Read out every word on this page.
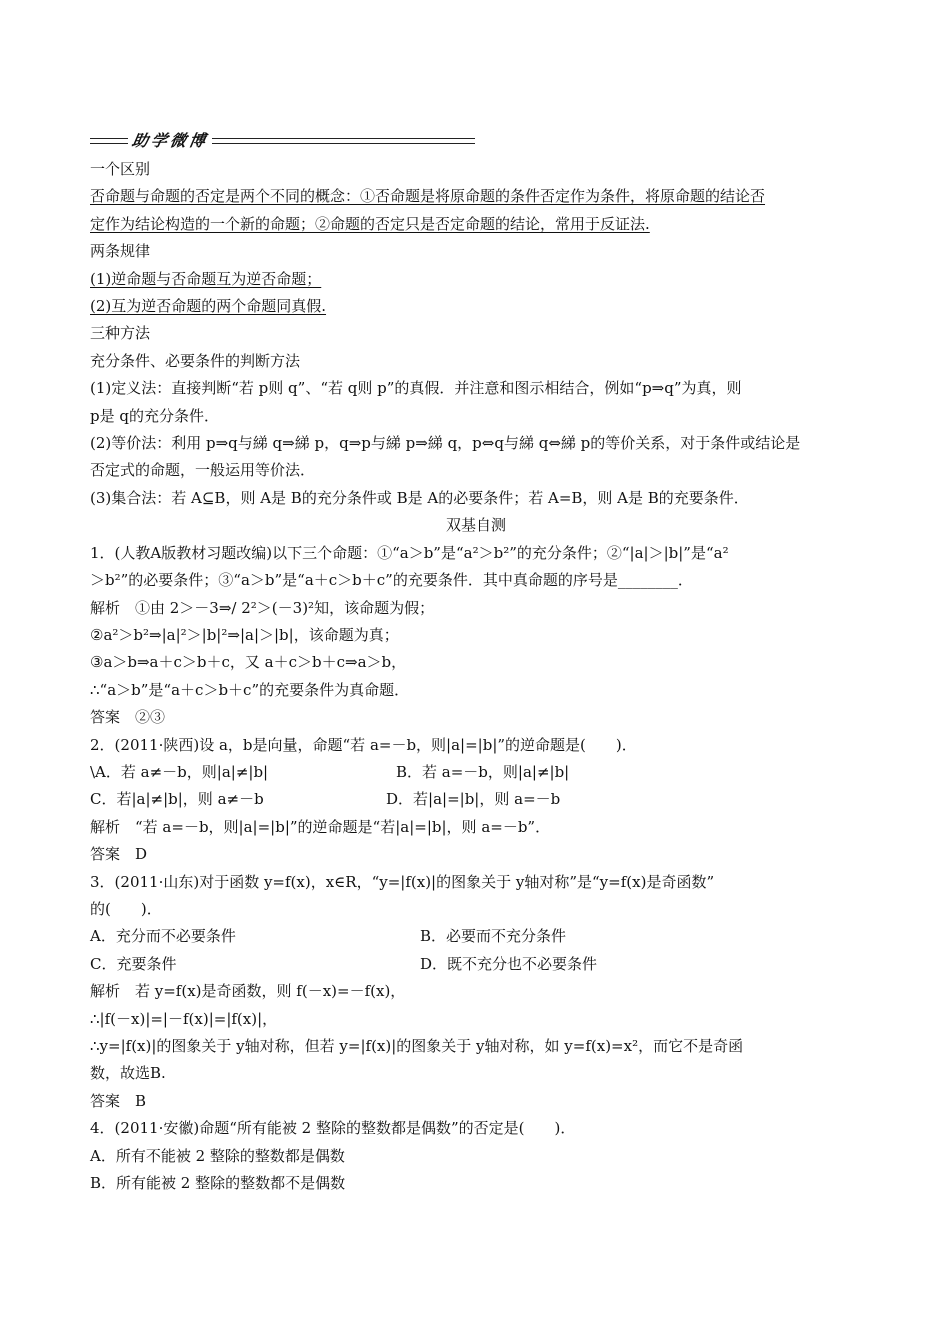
助学微博

一个区别

否命题与命题的否定是两个不同的概念：①否命题是将原命题的条件否定作为条件，将原命题的结论否

定作为结论构造的一个新的命题；②命题的否定只是否定命题的结论，常用于反证法.

两条规律

(1)逆命题与否命题互为逆否命题；

(2)互为逆否命题的两个命题同真假.

三种方法

充分条件、必要条件的判断方法

(1)定义法：直接判断“若 p则 q”、“若 q则 p”的真假．并注意和图示相结合，例如“p⇒q”为真，则

p是 q的充分条件．

(2)等价法：利用 p⇒q与綈 q⇒綈 p，q⇒p与綈 p⇒綈 q，p⇔q与綈 q⇔綈 p的等价关系，对于条件或结论是

否定式的命题，一般运用等价法．

(3)集合法：若 A⊆B，则 A是 B的充分条件或 B是 A的必要条件；若 A=B，则 A是 B的充要条件．

双基自测

1．(人教A版教材习题改编)以下三个命题：①“a＞b”是“a²＞b²”的充分条件；②“|a|＞|b|”是“a²

＞b²”的必要条件；③“a＞b”是“a＋c＞b＋c”的充要条件．其中真命题的序号是________．

解析　①由 2＞－3⇒/ 2²＞(－3)²知，该命题为假；

②a²＞b²⇒|a|²＞|b|²⇒|a|＞|b|，该命题为真；

③a＞b⇒a＋c＞b＋c，又 a＋c＞b＋c⇒a＞b，

∴“a＞b”是“a＋c＞b＋c”的充要条件为真命题．

答案　②③

2．(2011·陕西)设 a，b是向量，命题“若 a=－b，则|a|=|b|”的逆命题是(　　)．

\A．若 a≠－b，则|a|≠|b|	B．若 a=－b，则|a|≠|b|

C．若|a|≠|b|，则 a≠－b	D．若|a|=|b|，则 a=－b

解析　“若 a=－b，则|a|=|b|”的逆命题是“若|a|=|b|，则 a=－b”．

答案　D

3．(2011·山东)对于函数 y=f(x)，x∈R，“y=|f(x)|的图象关于 y轴对称”是“y=f(x)是奇函数”

的(　　)．

A．充分而不必要条件	B．必要而不充分条件

C．充要条件	D．既不充分也不必要条件

解析　若 y=f(x)是奇函数，则 f(－x)=－f(x)，

∴|f(－x)|=|－f(x)|=|f(x)|，

∴y=|f(x)|的图象关于 y轴对称，但若 y=|f(x)|的图象关于 y轴对称，如 y=f(x)=x²，而它不是奇函

数，故选B.

答案　B

4．(2011·安徽)命题“所有能被 2 整除的整数都是偶数”的否定是(　　)．

A．所有不能被 2 整除的整数都是偶数

B．所有能被 2 整除的整数都不是偶数
